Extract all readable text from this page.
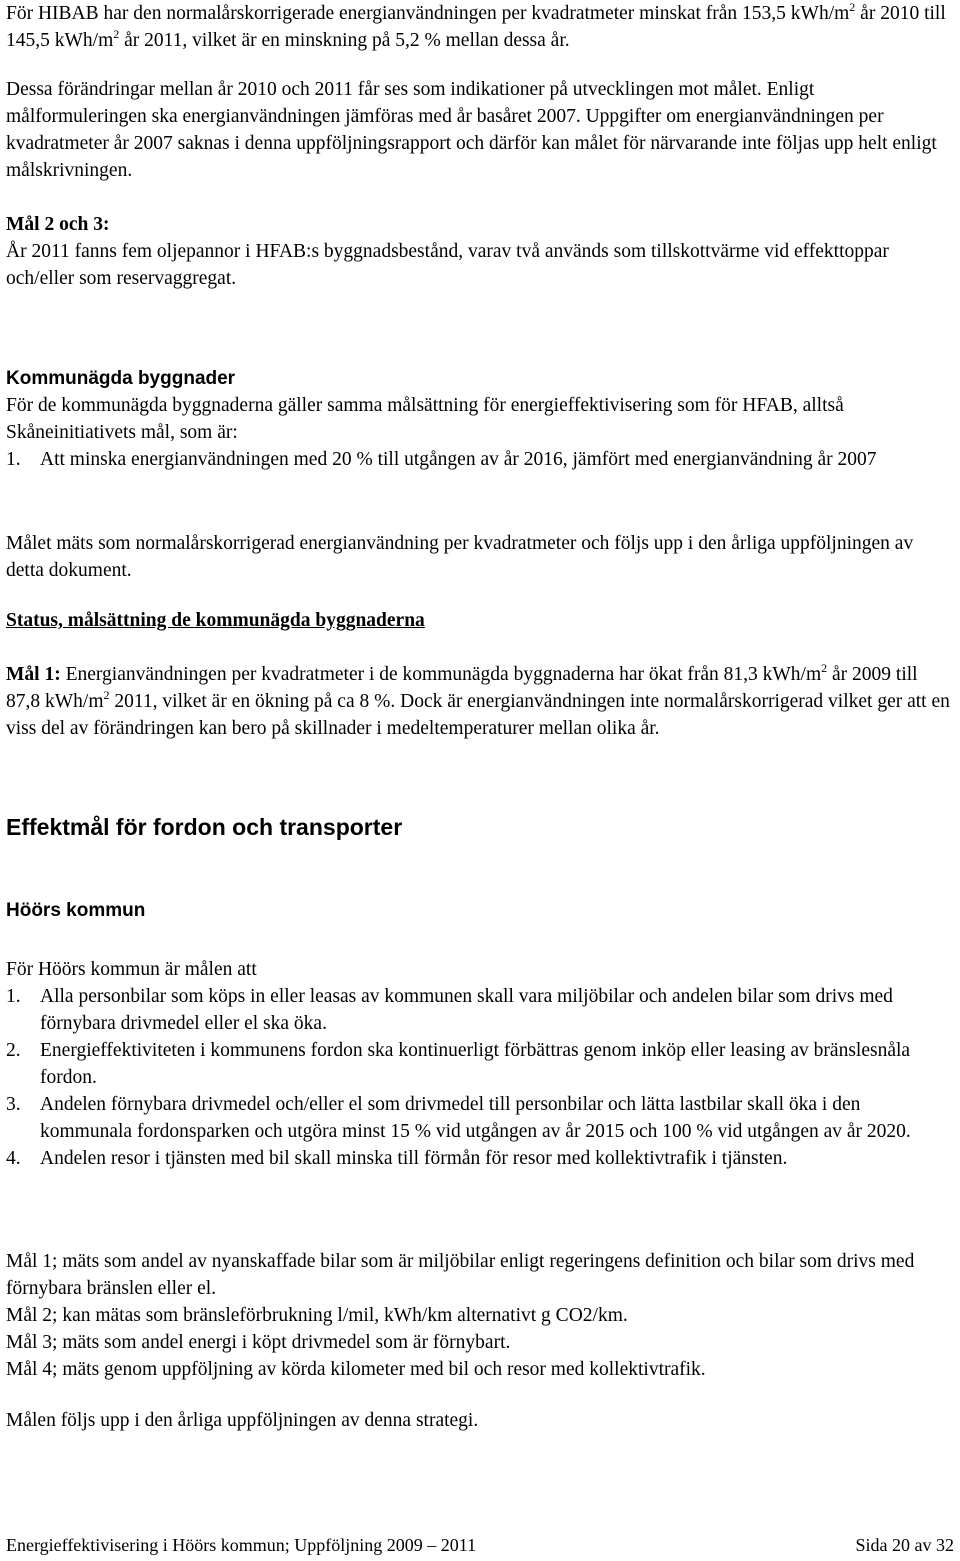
För HIBAB har den normalårskorrigerade energianvändningen per kvadratmeter minskat från 153,5 kWh/$m^2$ år 2010 till 145,5 kWh/$m^2$ år 2011, vilket är en minskning på 5,2 % mellan dessa år.

Dessa förändringar mellan år 2010 och 2011 får ses som indikationer på utvecklingen mot målet. Enligt målformuleringen ska energianvändningen jämföras med år basåret 2007. Uppgifter om energianvändningen per kvadratmeter år 2007 saknas i denna uppföljningsrapport och därför kan målet för närvarande inte följas upp helt enligt målskrivningen.

Mål 2 och 3:

År 2011 fanns fem oljepannor i HFAB:s byggnadsbestånd, varav två används som tillskottvärme vid effekttoppar och/eller som reservaggregat.

Kommunägda byggnader

För de kommunägda byggnaderna gäller samma målsättning för energieffektivisering som för HFAB, alltså Skåneinitiativets mål, som är:

1. Att minska energianvändningen med 20 % till utgången av år 2016, jämfört med energianvändning år 2007

Målet mäts som normalårskorrigerad energianvändning per kvadratmeter och följs upp i den årliga uppföljningen av detta dokument.

Status, målsättning de kommunägda byggnaderna

Mål 1: Energianvändningen per kvadratmeter i de kommunägda byggnaderna har ökat från 81,3 kWh/$m^2$ år 2009 till 87,8 kWh/$m^2$ 2011, vilket är en ökning på ca 8 %. Dock är energianvändningen inte normalårskorrigerad vilket ger att en viss del av förändringen kan bero på skillnader i medeltemperaturer mellan olika år.

Effektmål för fordon och transporter

Höörs kommun

För Höörs kommun är målen att

1. Alla personbilar som köps in eller leasas av kommunen skall vara miljöbilar och andelen bilar som drivs med förnybara drivmedel eller el ska öka.
2. Energieffektiviteten i kommunens fordon ska kontinuerligt förbättras genom inköp eller leasing av bränslesnåla fordon.
3. Andelen förnybara drivmedel och/eller el som drivmedel till personbilar och lätta lastbilar skall öka i den kommunala fordonsparken och utgöra minst 15 % vid utgången av år 2015 och 100 % vid utgången av år 2020.
4. Andelen resor i tjänsten med bil skall minska till förmån för resor med kollektivtrafik i tjänsten.

Mål 1; mäts som andel av nyanskaffade bilar som är miljöbilar enligt regeringens definition och bilar som drivs med förnybara bränslen eller el.

Mål 2; kan mätas som bränsleförbrukning l/mil, kWh/km alternativt g CO2/km.

Mål 3; mäts som andel energi i köpt drivmedel som är förnybart.

Mål 4; mäts genom uppföljning av körda kilometer med bil och resor med kollektivtrafik.

Målen följs upp i den årliga uppföljningen av denna strategi.

Energieffektivisering i Höörs kommun; Uppföljning 2009 – 2011	Sida 20 av 32
